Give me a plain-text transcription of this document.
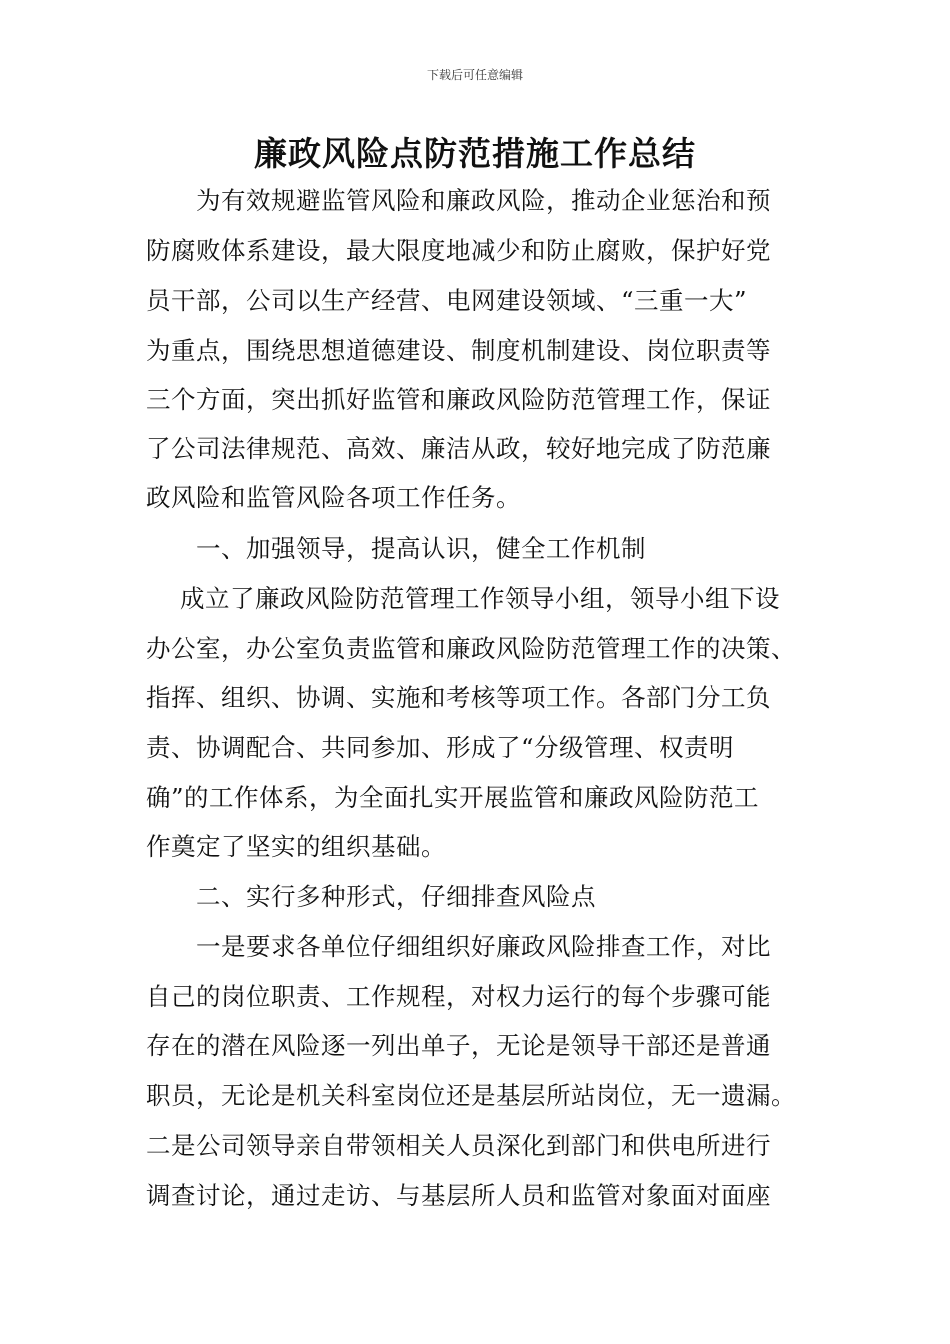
下载后可任意编辑
廉政风险点防范措施工作总结
为有效规避监管风险和廉政风险，推动企业惩治和预
防腐败体系建设，最大限度地减少和防止腐败，保护好党
员干部，公司以生产经营、电网建设领域、“三重一大”
为重点，围绕思想道德建设、制度机制建设、岗位职责等
三个方面，突出抓好监管和廉政风险防范管理工作，保证
了公司法律规范、高效、廉洁从政，较好地完成了防范廉
政风险和监管风险各项工作任务。
一、加强领导，提高认识，健全工作机制
成立了廉政风险防范管理工作领导小组，领导小组下设
办公室，办公室负责监管和廉政风险防范管理工作的决策、
指挥、组织、协调、实施和考核等项工作。各部门分工负
责、协调配合、共同参加、形成了“分级管理、权责明
确”的工作体系，为全面扎实开展监管和廉政风险防范工
作奠定了坚实的组织基础。
二、实行多种形式，仔细排查风险点
一是要求各单位仔细组织好廉政风险排查工作，对比
自己的岗位职责、工作规程，对权力运行的每个步骤可能
存在的潜在风险逐一列出单子，无论是领导干部还是普通
职员，无论是机关科室岗位还是基层所站岗位，无一遗漏。
二是公司领导亲自带领相关人员深化到部门和供电所进行
调查讨论，通过走访、与基层所人员和监管对象面对面座
